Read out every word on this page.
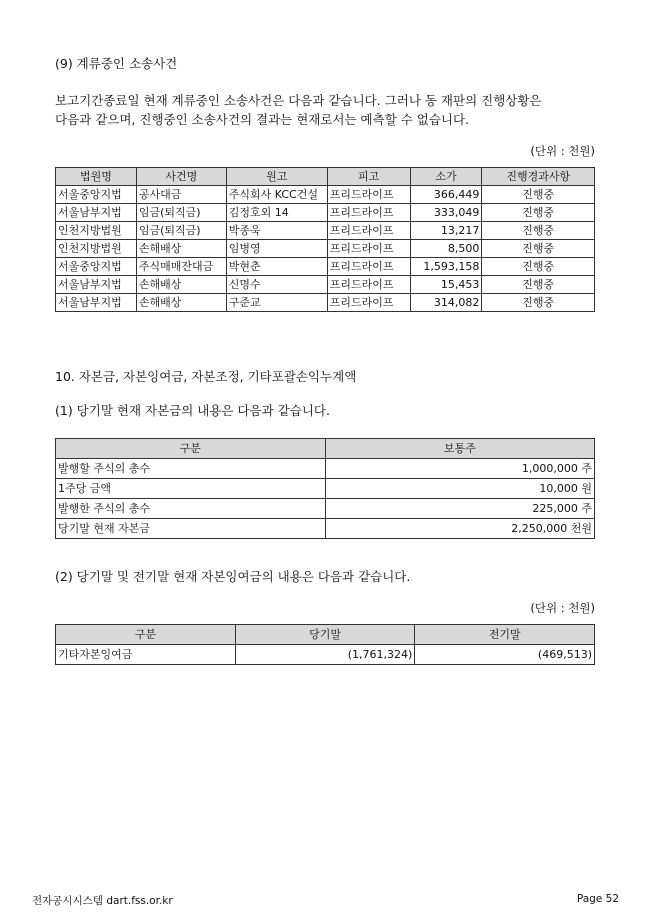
(9) 계류중인 소송사건
보고기간종료일 현재 계류중인 소송사건은 다음과 같습니다. 그러나 동 재판의 진행상황은
다음과 같으며, 진행중인 소송사건의 결과는 현재로서는 예측할 수 없습니다.
(단위 : 천원)
법원명	사건명	원고	피고	소가	진행경과사항
서울중앙지법	공사대금	주식회사 KCC건설	프리드라이프	366,449	진행중
서울남부지법	임금(퇴직금)	김정호외 14	프리드라이프	333,049	진행중
인천지방법원	임금(퇴직금)	박종욱	프리드라이프	13,217	진행중
인천지방법원	손해배상	임병영	프리드라이프	8,500	진행중
서울중앙지법	주식매매잔대금	박현춘	프리드라이프	1,593,158	진행중
서울남부지법	손해배상	신명수	프리드라이프	15,453	진행중
서울남부지법	손해배상	구준교	프리드라이프	314,082	진행중
10. 자본금, 자본잉여금, 자본조정, 기타포괄손익누계액
(1) 당기말 현재 자본금의 내용은 다음과 같습니다.
구분	보통주
발행할 주식의 총수	1,000,000 주
1주당 금액	10,000 원
발행한 주식의 총수	225,000 주
당기말 현재 자본금	2,250,000 천원
(2) 당기말 및 전기말 현재 자본잉여금의 내용은 다음과 같습니다.
(단위 : 천원)
구분	당기말	전기말
기타자본잉여금	(1,761,324)	(469,513)
전자공시시스템 dart.fss.or.kr	Page 52
